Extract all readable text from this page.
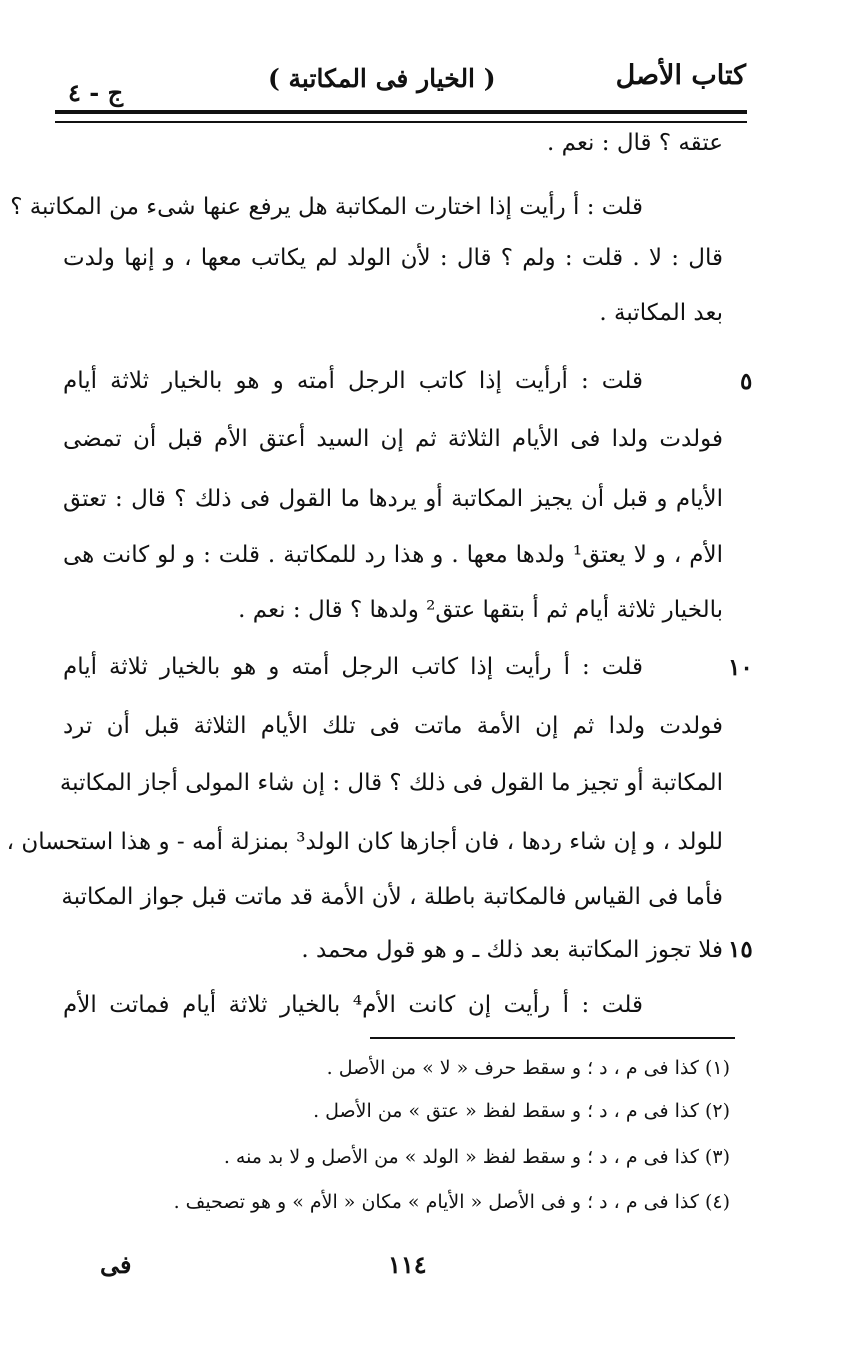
كتاب الأصل
( الخيار فى المكاتبة )
ج - ٤
عتقه ؟ قال : نعم .
قلت : أ رأيت إذا اختارت المكاتبة هل يرفع عنها شىء من المكاتبة ؟
قال : لا . قلت : ولم ؟ قال : لأن الولد لم يكاتب معها ، و إنها ولدت
بعد المكاتبة .
قلت : أرأيت إذا كاتب الرجل أمته و هو بالخيار ثلاثة أيام
فولدت ولدا فى الأيام الثلاثة ثم إن السيد أعتق الأم قبل أن تمضى
الأيام و قبل أن يجيز المكاتبة أو يردها ما القول فى ذلك ؟ قال : تعتق
الأم ، و لا يعتق¹ ولدها معها . و هذا رد للمكاتبة . قلت : و لو كانت هى
بالخيار ثلاثة أيام ثم أ بتقها عتق² ولدها ؟ قال : نعم .
قلت : أ رأيت إذا كاتب الرجل أمته و هو بالخيار ثلاثة أيام
فولدت ولدا ثم إن الأمة ماتت فى تلك الأيام الثلاثة قبل أن ترد
المكاتبة أو تجيز ما القول فى ذلك ؟ قال : إن شاء المولى أجاز المكاتبة
للولد ، و إن شاء ردها ، فان أجازها كان الولد³ بمنزلة أمه - و هذا استحسان ،
فأما فى القياس فالمكاتبة باطلة ، لأن الأمة قد ماتت قبل جواز المكاتبة
فلا تجوز المكاتبة بعد ذلك ـ و هو قول محمد .
قلت : أ رأيت إن كانت الأم⁴ بالخيار ثلاثة أيام فماتت الأم
٥
١٠
١٥
(١) كذا فى م ، د ؛ و سقط حرف « لا » من الأصل .
(٢) كذا فى م ، د ؛ و سقط لفظ « عتق » من الأصل .
(٣) كذا فى م ، د ؛ و سقط لفظ « الولد » من الأصل و لا بد منه .
(٤) كذا فى م ، د ؛ و فى الأصل « الأيام » مكان « الأم » و هو تصحيف .
١١٤
فى
